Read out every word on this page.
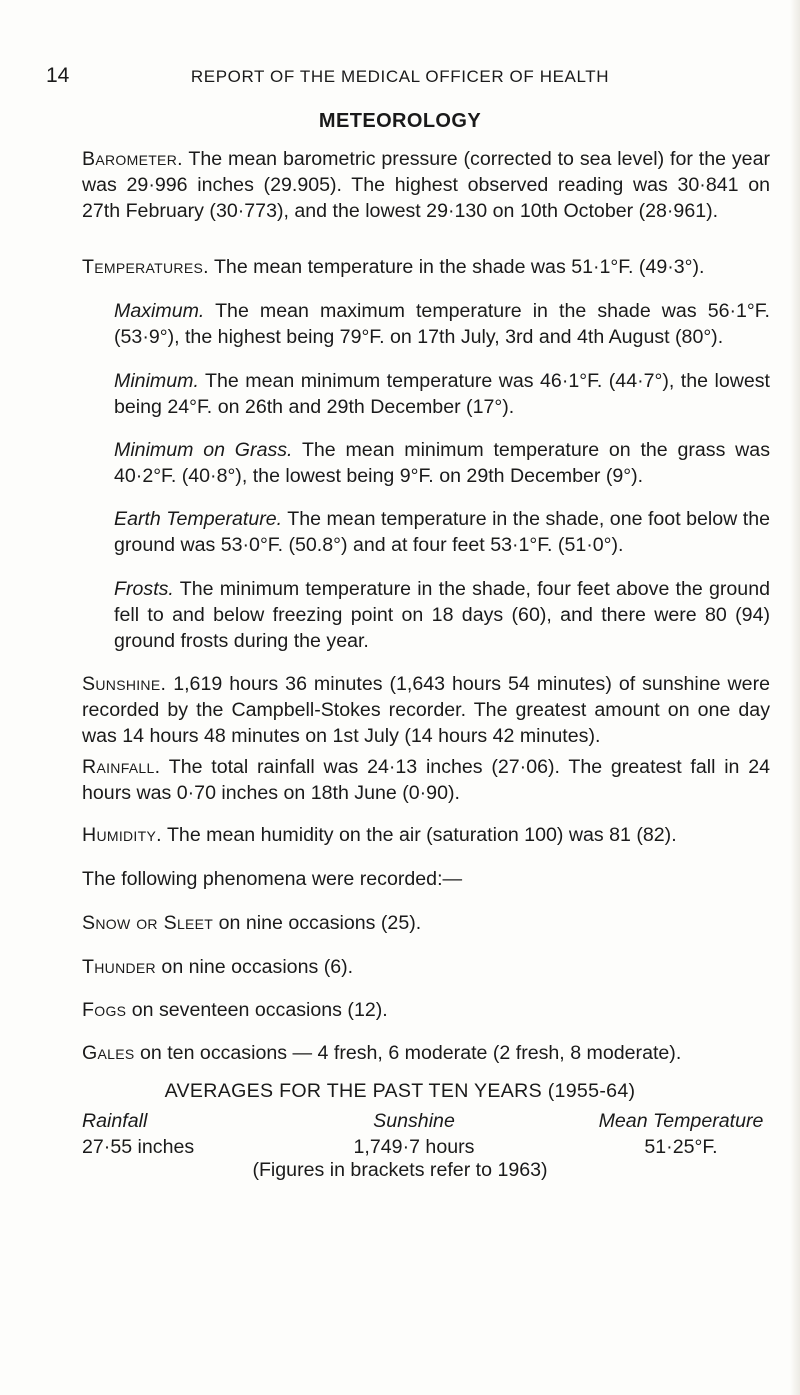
14	REPORT OF THE MEDICAL OFFICER OF HEALTH
METEOROLOGY

Barometer. The mean barometric pressure (corrected to sea level) for the year was 29·996 inches (29.905). The highest observed reading was 30·841 on 27th February (30·773), and the lowest 29·130 on 10th October (28·961).

Temperatures. The mean temperature in the shade was 51·1°F. (49·3°).

Maximum. The mean maximum temperature in the shade was 56·1°F. (53·9°), the highest being 79°F. on 17th July, 3rd and 4th August (80°).

Minimum. The mean minimum temperature was 46·1°F. (44·7°), the lowest being 24°F. on 26th and 29th December (17°).

Minimum on Grass. The mean minimum temperature on the grass was 40·2°F. (40·8°), the lowest being 9°F. on 29th December (9°).

Earth Temperature. The mean temperature in the shade, one foot below the ground was 53·0°F. (50.8°) and at four feet 53·1°F. (51·0°).

Frosts. The minimum temperature in the shade, four feet above the ground fell to and below freezing point on 18 days (60), and there were 80 (94) ground frosts during the year.

Sunshine. 1,619 hours 36 minutes (1,643 hours 54 minutes) of sunshine were recorded by the Campbell-Stokes recorder. The greatest amount on one day was 14 hours 48 minutes on 1st July (14 hours 42 minutes).

Rainfall. The total rainfall was 24·13 inches (27·06). The greatest fall in 24 hours was 0·70 inches on 18th June (0·90).

Humidity. The mean humidity on the air (saturation 100) was 81 (82).

The following phenomena were recorded:—

Snow or Sleet on nine occasions (25).

Thunder on nine occasions (6).

Fogs on seventeen occasions (12).

Gales on ten occasions — 4 fresh, 6 moderate (2 fresh, 8 moderate).

AVERAGES FOR THE PAST TEN YEARS (1955-64)
Rainfall
27·55 inches
Sunshine
1,749·7 hours
Mean Temperature
51·25°F.
(Figures in brackets refer to 1963)
